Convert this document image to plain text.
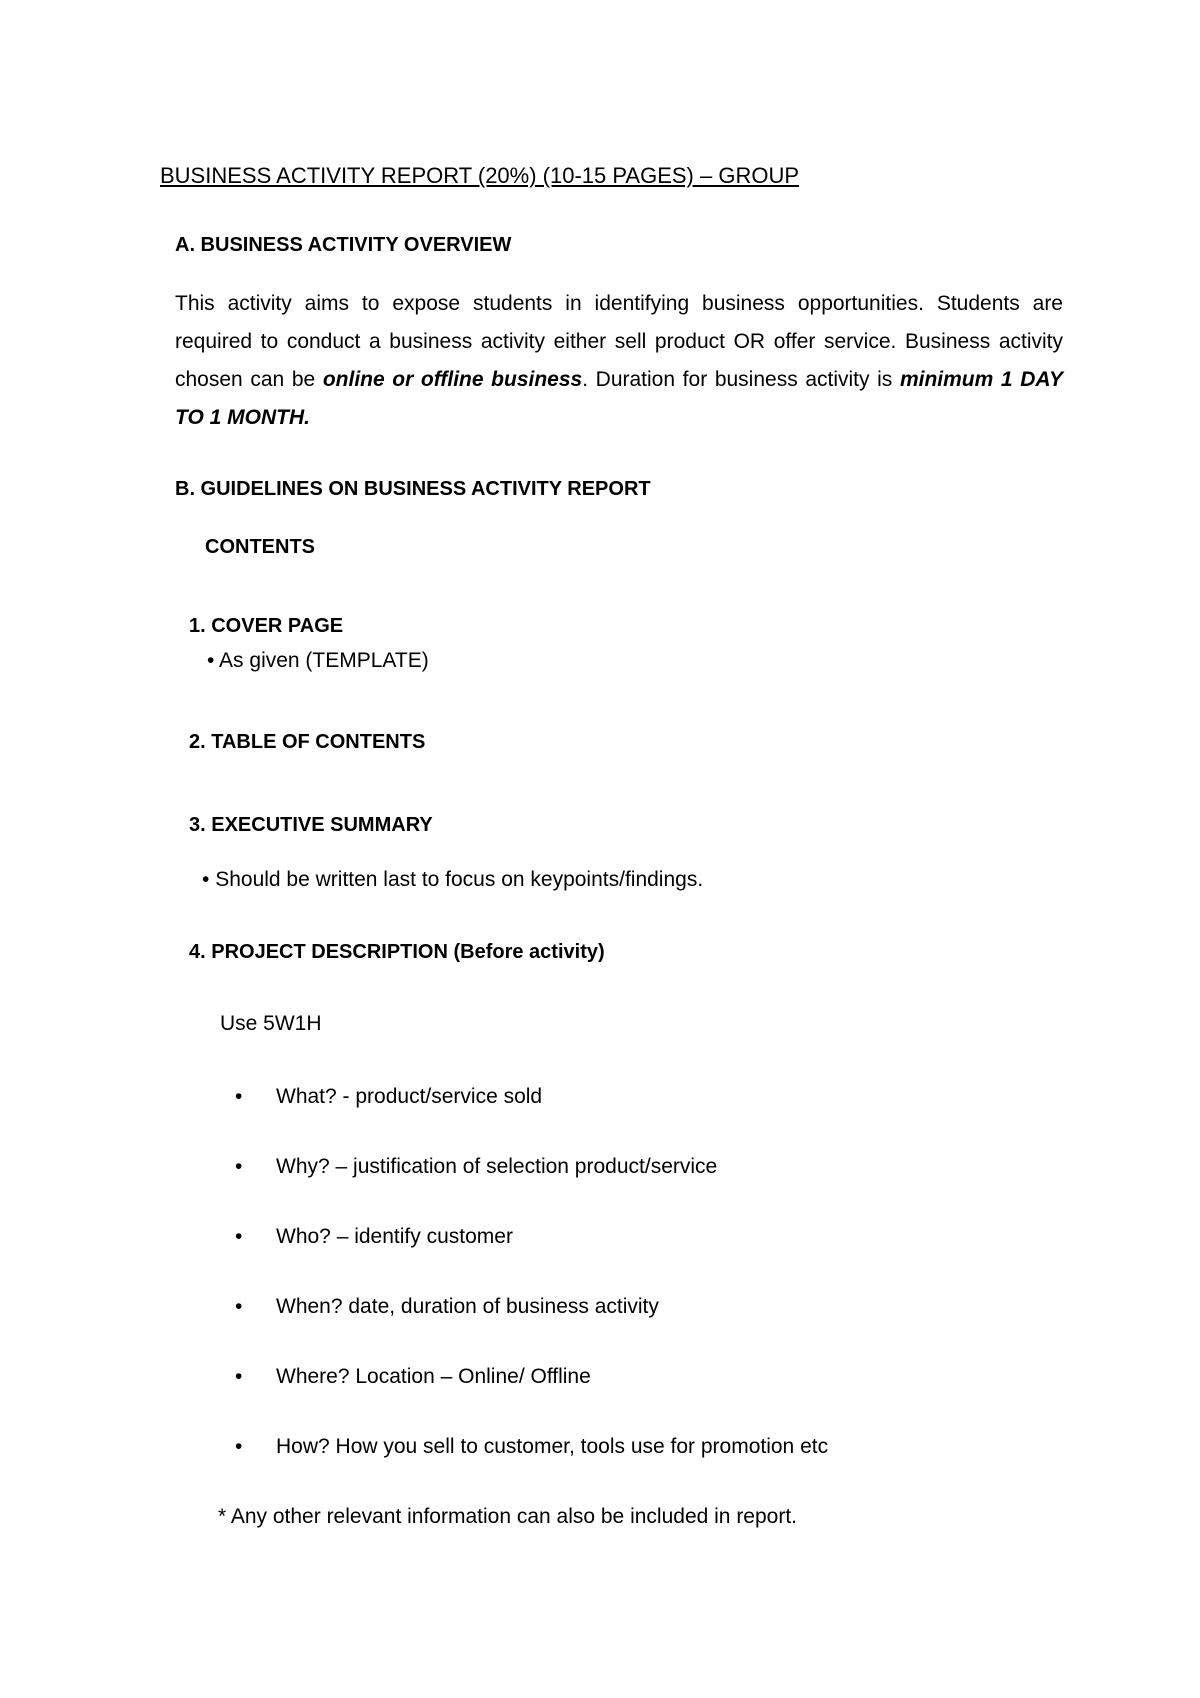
BUSINESS ACTIVITY REPORT (20%) (10-15 PAGES) – GROUP
A. BUSINESS ACTIVITY OVERVIEW
This activity aims to expose students in identifying business opportunities. Students are required to conduct a business activity either sell product OR offer service. Business activity chosen can be online or offline business. Duration for business activity is minimum 1 DAY TO 1 MONTH.
B. GUIDELINES ON BUSINESS ACTIVITY REPORT
CONTENTS
1. COVER PAGE
• As given (TEMPLATE)
2. TABLE OF CONTENTS
3. EXECUTIVE SUMMARY
• Should be written last to focus on keypoints/findings.
4. PROJECT DESCRIPTION (Before activity)
Use 5W1H
• What? - product/service sold
• Why? – justification of selection product/service
• Who? – identify customer
• When? date, duration of business activity
• Where? Location – Online/ Offline
• How? How you sell to customer, tools use for promotion etc
* Any other relevant information can also be included in report.
